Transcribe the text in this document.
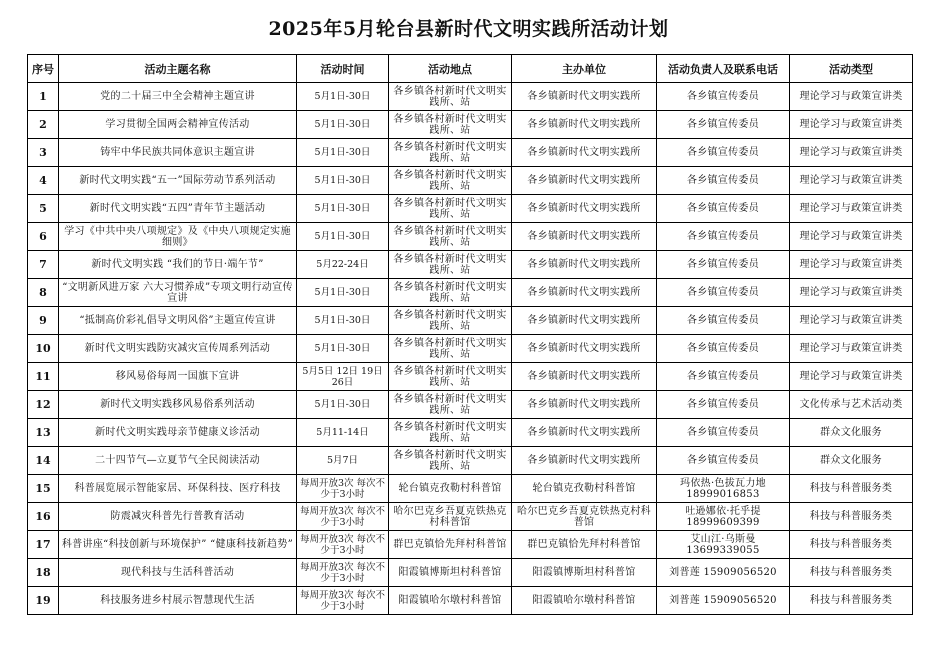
2025年5月轮台县新时代文明实践所活动计划
序号	活动主题名称	活动时间	活动地点	主办单位	活动负责人及联系电话	活动类型
1	党的二十届三中全会精神主题宣讲	5月1日-30日	各乡镇各村新时代文明实践所、站	各乡镇新时代文明实践所	各乡镇宣传委员	理论学习与政策宣讲类
2	学习贯彻全国两会精神宣传活动	5月1日-30日	各乡镇各村新时代文明实践所、站	各乡镇新时代文明实践所	各乡镇宣传委员	理论学习与政策宣讲类
3	铸牢中华民族共同体意识主题宣讲	5月1日-30日	各乡镇各村新时代文明实践所、站	各乡镇新时代文明实践所	各乡镇宣传委员	理论学习与政策宣讲类
4	新时代文明实践“五一”国际劳动节系列活动	5月1日-30日	各乡镇各村新时代文明实践所、站	各乡镇新时代文明实践所	各乡镇宣传委员	理论学习与政策宣讲类
5	新时代文明实践“五四”青年节主题活动	5月1日-30日	各乡镇各村新时代文明实践所、站	各乡镇新时代文明实践所	各乡镇宣传委员	理论学习与政策宣讲类
6	学习《中共中央八项规定》及《中央八项规定实施细则》	5月1日-30日	各乡镇各村新时代文明实践所、站	各乡镇新时代文明实践所	各乡镇宣传委员	理论学习与政策宣讲类
7	新时代文明实践 “我们的节日·端午节”	5月22-24日	各乡镇各村新时代文明实践所、站	各乡镇新时代文明实践所	各乡镇宣传委员	理论学习与政策宣讲类
8	“文明新风进万家 六大习惯养成”专项文明行动宣传宣讲	5月1日-30日	各乡镇各村新时代文明实践所、站	各乡镇新时代文明实践所	各乡镇宣传委员	理论学习与政策宣讲类
9	“抵制高价彩礼倡导文明风俗”主题宣传宣讲	5月1日-30日	各乡镇各村新时代文明实践所、站	各乡镇新时代文明实践所	各乡镇宣传委员	理论学习与政策宣讲类
10	新时代文明实践防灾减灾宣传周系列活动	5月1日-30日	各乡镇各村新时代文明实践所、站	各乡镇新时代文明实践所	各乡镇宣传委员	理论学习与政策宣讲类
11	移风易俗每周一国旗下宣讲	5月5日 12日 19日 26日	各乡镇各村新时代文明实践所、站	各乡镇新时代文明实践所	各乡镇宣传委员	理论学习与政策宣讲类
12	新时代文明实践移风易俗系列活动	5月1日-30日	各乡镇各村新时代文明实践所、站	各乡镇新时代文明实践所	各乡镇宣传委员	文化传承与艺术活动类
13	新时代文明实践母亲节健康义诊活动	5月11-14日	各乡镇各村新时代文明实践所、站	各乡镇新时代文明实践所	各乡镇宣传委员	群众文化服务
14	二十四节气—立夏节气全民阅读活动	5月7日	各乡镇各村新时代文明实践所、站	各乡镇新时代文明实践所	各乡镇宣传委员	群众文化服务
15	科普展览展示智能家居、环保科技、医疗科技	每周开放3次 每次不少于3小时	轮台镇克孜勒村科普馆	轮台镇克孜勒村科普馆	玛依热·色拔瓦力地 18999016853	科技与科普服务类
16	防震减灾科普先行普教育活动	每周开放3次 每次不少于3小时	哈尔巴克乡吾夏克铁热克村科普馆	哈尔巴克乡吾夏克铁热克村科普馆	吐逊娜依·托乎提 18999609399	科技与科普服务类
17	科普讲座“科技创新与环境保护” “健康科技新趋势”	每周开放3次 每次不少于3小时	群巴克镇恰先拜村科普馆	群巴克镇恰先拜村科普馆	艾山江·乌斯曼 13699339055	科技与科普服务类
18	现代科技与生活科普活动	每周开放3次 每次不少于3小时	阳霞镇博斯坦村科普馆	阳霞镇博斯坦村科普馆	刘普莲 15909056520	科技与科普服务类
19	科技服务进乡村展示智慧现代生活	每周开放3次 每次不少于3小时	阳霞镇哈尔墩村科普馆	阳霞镇哈尔墩村科普馆	刘普莲 15909056520	科技与科普服务类
